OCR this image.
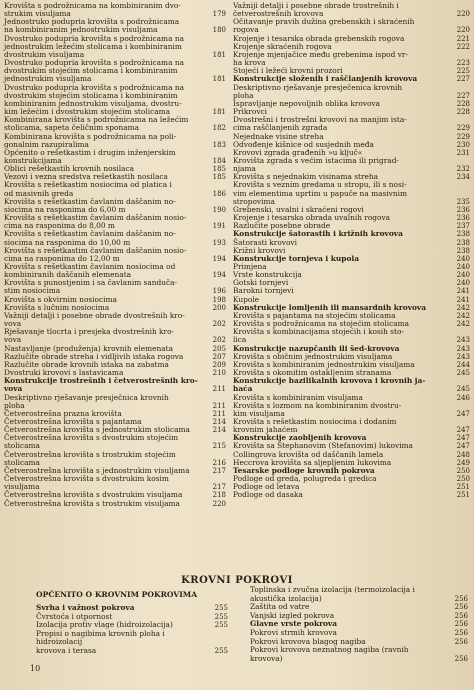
Krovišta s podrožnicama na kombiniranim dvo-
strukim visuljama	179
Jednostruko podupria krovišta s podrožnicama
na kombiniranim jednostrukim visuljama	180
Dvostruko podupria krovišta s podrožnicama na
jednostrukim ležećim stolicama i kombiniranim
dvostrukim visuljama	181
Dvostruko podupria krovišta s podrožnicama na
dvostrukim stojećim stolicama i kombiniranim
jednostrukim visuljama	181
Dvostruko podupria krovišta s podrožnicama na
dvostrukim stojećim stolicama i kombiniranim
kombiniranim jednostrukim visuljama, dvostru-
kim ležećim i dvostrukim stojećim stolicama	181
Kombinirana krovišta s podrožnicama na ležećim
stolicama, sapeta čeličnim sponama	182
Kombinirana krovišta s podrožnicama na poli-
gonalnim razupiralima	183
Općenito o rešetkastim i drugim inženjerskim
konstrukcijama	184
Oblici rešetkastih krovnih nosilaca	185
Vezovi i veznа sredstva rešetkastih nosilaca	185
Krovišta s rešetkastim nosiocima od platica i
od masivnih greda	186
Krovišta s rešetkastim čavlanim daščanim no-
siocima na rasponima do 6,00 m	190
Krovišta s rešetkastim čavlanim daščanim nosio-
cima na rasponima do 8,00 m	191
Krovišta s rešetkastim čavlanim daščanim no-
siocima na rasponima do 10,00 m	193
Krovišta s rešetkastim čavlanim daščanim nosio-
cima na rasponima do 12,00 m	194
Krovišta s rešetkastim čavlanim nosiocima od
kombiniranih daščanih elemenata	194
Krovišta s punostjenim i sa čavlanim sandučа-
stim nosiocima	196
Krovišta s okvirnim nosiocima	198
Krovišta s lučnim nosiocima	200
Važniji detalji i posebne obrade dvostrešnih kro-
vova	202
Rješavanje tlocrta i presjeka dvostrešnih krо-
vova	202
Nastavljanje (produženja) krovnih elemenata	205
Razlučite obrade streha i vidljivih istaka rogova	207
Razlučite obrade krovnih istaka na zabatma	209
Dvostruki krovovi s lastavicama	210
Konstrukcije trostrešnih i četverostrešnih kro-
vova	211
Deskriptivno rješavanje presječnica krovnih
ploha	211
Četverostrešna prazna krovišta	211
Četverostrešna krovišta s pajantama	214
Četverostrešna krovišta s jednostrukim stolicama	214
Četverostrešna krovišta s dvostrukim stojećim
stolicama	215
Četverostrešna krovišta s trostrukim stojećim
stolicama	216
Četverostrešna krovišta s jednostrukim visuljama	217
Četverostrešna krovišta s dvostrukim kosim
visuljama	217
Četverostrešna krovišta s dvostrukim visuljama	218
Četverostrešna krovišta s trostrukim visuljama	220
Važniji detalji i posebne obrade trostrešnih i
četverostrešnih krovova	220
Očitavanje pravih dužina grebenskih i skrаćenih
rogova	220
Krojenje i tesarska obrada grebenskih rogova	221
Krojenje skraćenih rogova	222
Krojenje mjenjačice među grebenima ispod vr-
ha krova	223
Stojeći i ležeći krovni prozori	225
Konstrukcije složenih i raščlanjenih krovova	227
Deskriptivno rješavanje presječenica krovnih
ploha	227
Ispravljanje nepovoljnih oblika krovova	228
Prikrovci	228
Dvostrešni i trostrešni krovovi na manjim ista-
cima raščlanjenih zgrada	229
Nejednake visine streha	229
Odvođenje kišnice od susjednih međa	230
Krovovi zgrada građenih »u ključ«	231
Krovišta zgrada s većim istacima ili prigrad-
njama	232
Krovišta s nejednakim visinama streha	234
Krovišta s vezním gredama u stropu, ili s nosi-
vim elementima uprtim u papuče na masivnim
stropovima	235
Grebenski, uvalni i skraćeni rogovi	236
Krojenje i tesarska obrada uvalnih rogova	236
Razlučite posebne obrade	237
Konstrukcije šatorastih i križnih krovova	238
Šatorasti krovovi	238
Križni krovovi	238
Konstrukcije tornjeva i kupola	240
Primjena	240
Vrste konstrukcija	240
Gotski tornjevi	240
Barokni tornjevi	241
Kupole	241
Konstrukcije lomljenih ili mansardnih krovova	242
Krovišta s pajantama na stojećim stolicama	242
Krovišta s podrožnicama na stojećim stolicama	242
Krovišta s kombinacijama stojećih i kosih sto-
lica	243
Konstrukcije nazupčanih ili šed-krovova	243
Krovišta s običnim jednostrukim visuljama	243
Krovišta s kombiniranim jednostrukim visuljama	244
Krovišta s okomitim ostakl|enim stranama	245
Konstrukcije bazilikalnih krovova i krovnih ja-
haća	245
Krovišta s kombiniranim visuljama	246
Krovišta s lozmom na kombiniranim dvostru-
kim visuljama	247
Krovišta s rešetkastim nosiocima i dodanim
krovnim jahaćem	247
Konstrukcije zaobljenih krovova	247
Krovišta sa Stephanovim (Stefanovim) lukovima	247
Collingrova krovišta od daščanih lamela	248
Heccrova krovišta sa sljepljenim lukovima	249
Tesarske podloge krovnih pokrova	250
Podloge od greda, polugreda i gredica	250
Podloge od letava	251
Podloge od dasaka	251
KROVNI POKROVI
OPĆENITO O KROVNIM POKROVIMA
Svrha i važnost pokrova	255
Čvrstoća i otpornost	255
Izolacija protiv vlage (hidroizolacija)	255
Propisi o nagibima krovnih ploha i hidroizolacij
krovova i terasa	255
Toplinska i zvučna izolacija (termoizolacija i
akustička izolacija)	256
Zaštita od vatre	256
Vanjski izgled pokrova	256
Glavne vrste pokrova	256
Pokrovi strmih krovova	256
Pokrovi krovova blagog nagiba	256
Pokrovi krovova neznatnog nagiba (ravnih
krovova)	256
10
